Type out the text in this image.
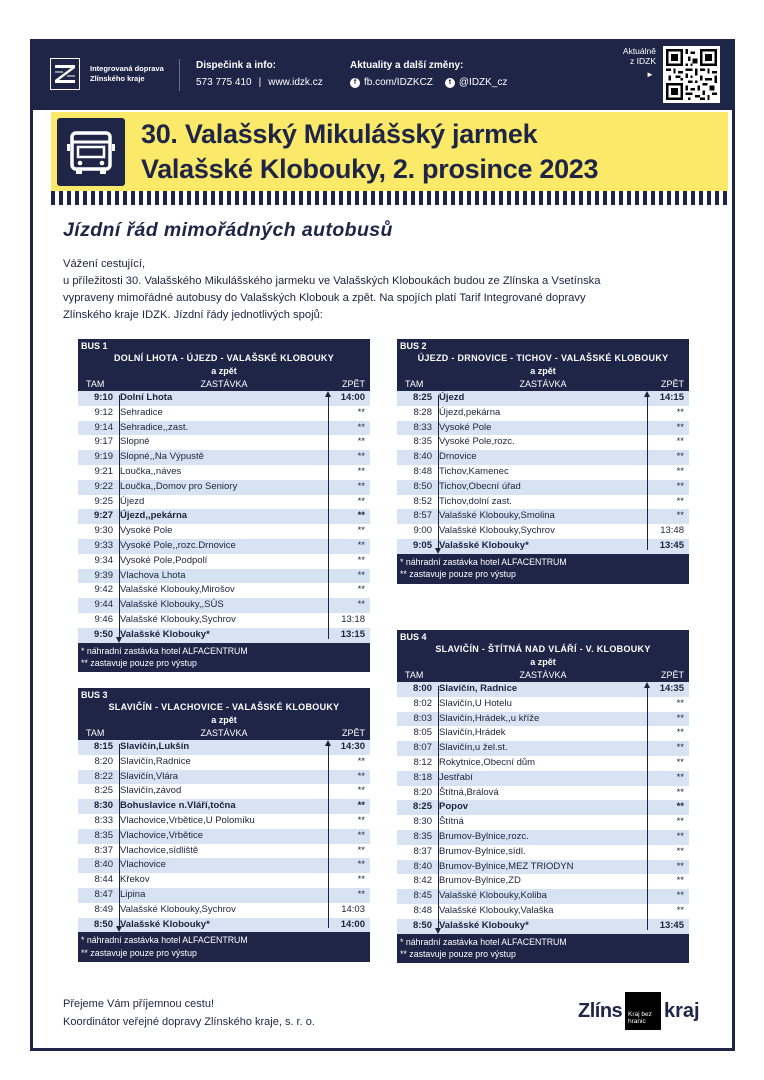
Integrovaná doprava
Zlínského kraje
Dispečink a info:
573 775 410 | www.idzk.cz
Aktuality a další změny:
f fb.com/IDZKCZ	t @IDZK_cz
Aktuálně
z IDZK
►
30. Valašský Mikulášský jarmek
Valašské Klobouky, 2. prosince 2023
Jízdní řád mimořádných autobusů
Vážení cestující,
u příležitosti 30. Valašského Mikulášského jarmeku ve Valašských Kloboukách budou ze Zlínska a Vsetínska
vypraveny mimořádné autobusy do Valašských Klobouk a zpět. Na spojích platí Tarif Integrované dopravy
Zlínského kraje IDZK. Jízdní řády jednotlivých spojů:
BUS 1
DOLNÍ LHOTA - ÚJEZD - VALAŠSKÉ KLOBOUKY
a zpět
TAM	ZASTÁVKA	ZPĚT
9:10 Dolní Lhota	14:00
9:12 Sehradice	**
9:14 Sehradice,,zast.	**
9:17 Slopné	**
9:19 Slopné,,Na Výpustě	**
9:21 Loučka,,náves	**
9:22 Loučka,,Domov pro Seniory	**
9:25 Újezd	**
9:27 Újezd,,pekárna	**
9:30 Vysoké Pole	**
9:33 Vysoké Pole,,rozc.Drnovice	**
9:34 Vysoké Pole,Podpolí	**
9:39 Vlachova Lhota	**
9:42 Valašské Klobouky,Mirošov	**
9:44 Valašské Klobouky,,SÚS	**
9:46 Valašské Klobouky,Sychrov	13:18
9:50 Valašské Klobouky*	13:15
* náhradní zastávka hotel ALFACENTRUM
** zastavuje pouze pro výstup
BUS 2
ÚJEZD - DRNOVICE - TICHOV - VALAŠSKÉ KLOBOUKY
a zpět
TAM	ZASTÁVKA	ZPĚT
8:25 Újezd	14:15
8:28 Újezd,pekárna	**
8:33 Vysoké Pole	**
8:35 Vysoké Pole,rozc.	**
8:40 Drnovice	**
8:48 Tichov,Kamenec	**
8:50 Tichov,Obecní úřad	**
8:52 Tichov,dolní zast.	**
8:57 Valašské Klobouky,Smolina	**
9:00 Valašské Klobouky,Sychrov	13:48
9:05 Valašské Klobouky*	13:45
* náhradní zastávka hotel ALFACENTRUM
** zastavuje pouze pro výstup
BUS 3
SLAVIČÍN - VLACHOVICE - VALAŠSKÉ KLOBOUKY
a zpět
TAM	ZASTÁVKA	ZPĚT
8:15 Slavičín,Lukšín	14:30
8:20 Slavičín,Radnice	**
8:22 Slavičín,Vlára	**
8:25 Slavičín,závod	**
8:30 Bohuslavice n.Vláří,točna	**
8:33 Vlachovice,Vrbětice,U Polomíku	**
8:35 Vlachovice,Vrbětice	**
8:37 Vlachovice,sídliště	**
8:40 Vlachovice	**
8:44 Křekov	**
8:47 Lipina	**
8:49 Valašské Klobouky,Sychrov	14:03
8:50 Valašské Klobouky*	14:00
* náhradní zastávka hotel ALFACENTRUM
** zastavuje pouze pro výstup
BUS 4
SLAVIČÍN - ŠTÍTNÁ NAD VLÁŘÍ - V. KLOBOUKY
a zpět
TAM	ZASTÁVKA	ZPĚT
8:00 Slavičín, Radnice	14:35
8:02 Slavičín,U Hotelu	**
8:03 Slavičín,Hrádek,,u kříže	**
8:05 Slavičín,Hrádek	**
8:07 Slavičín,u žel.st.	**
8:12 Rokytnice,Obecní dům	**
8:18 Jestřabí	**
8:20 Štítná,Brálová	**
8:25 Popov	**
8:30 Štítná	**
8:35 Brumov-Bylnice,rozc.	**
8:37 Brumov-Bylnice,sídl.	**
8:40 Brumov-Bylnice,MEZ TRIODYN	**
8:42 Brumov-Bylnice,ZD	**
8:45 Valašské Klobouky,Koliba	**
8:48 Valašské Klobouky,Valaška	**
8:50 Valašské Klobouky*	13:45
* náhradní zastávka hotel ALFACENTRUM
** zastavuje pouze pro výstup
Přejeme Vám příjemnou cestu!
Koordinátor veřejné dopravy Zlínského kraje, s. r. o.	Zlíns Kraj bez hranic kraj
